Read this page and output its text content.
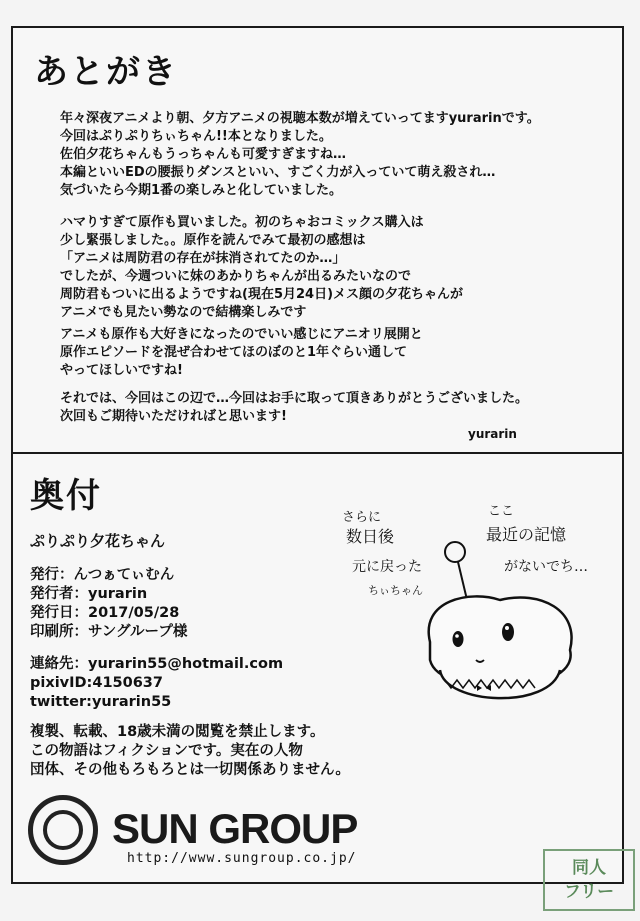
あとがき
年々深夜アニメより朝、夕方アニメの視聴本数が増えていってますyurarinです。
今回はぷりぷりちぃちゃん!!本となりました。
佐伯夕花ちゃんもうっちゃんも可愛すぎますね…
本編といいEDの腰振りダンスといい、すごく力が入っていて萌え殺され…
気づいたら今期1番の楽しみと化していました。
ハマりすぎて原作も買いました。初のちゃおコミックス購入は
少し緊張しました。。原作を読んでみて最初の感想は
「アニメは周防君の存在が抹消されてたのか…」
でしたが、今週ついに妹のあかりちゃんが出るみたいなので
周防君もついに出るようですね(現在5月24日)メス顔の夕花ちゃんが
アニメでも見たい勢なので結構楽しみです
アニメも原作も大好きになったのでいい感じにアニオリ展開と
原作エピソードを混ぜ合わせてほのぼのと1年ぐらい通して
やってほしいですね!
それでは、今回はこの辺で…今回はお手に取って頂きありがとうございました。
次回もご期待いただければと思います!
yurarin
奥付
ぷりぷり夕花ちゃん
発行：んつぁてぃむん
発行者：yurarin
発行日：2017/05/28
印刷所：サングループ様
連絡先：yurarin55@hotmail.com
pixivID:4150637
twitter:yurarin55
複製、転載、18歳未満の閲覧を禁止します。
この物語はフィクションです。実在の人物
団体、その他もろもろとは一切関係ありません。
さらに
数日後
元に戻った
ちぃちゃん
ここ
最近の記憶
がないでち…
SUN GROUP
http://www.sungroup.co.jp/	同人
フリー
